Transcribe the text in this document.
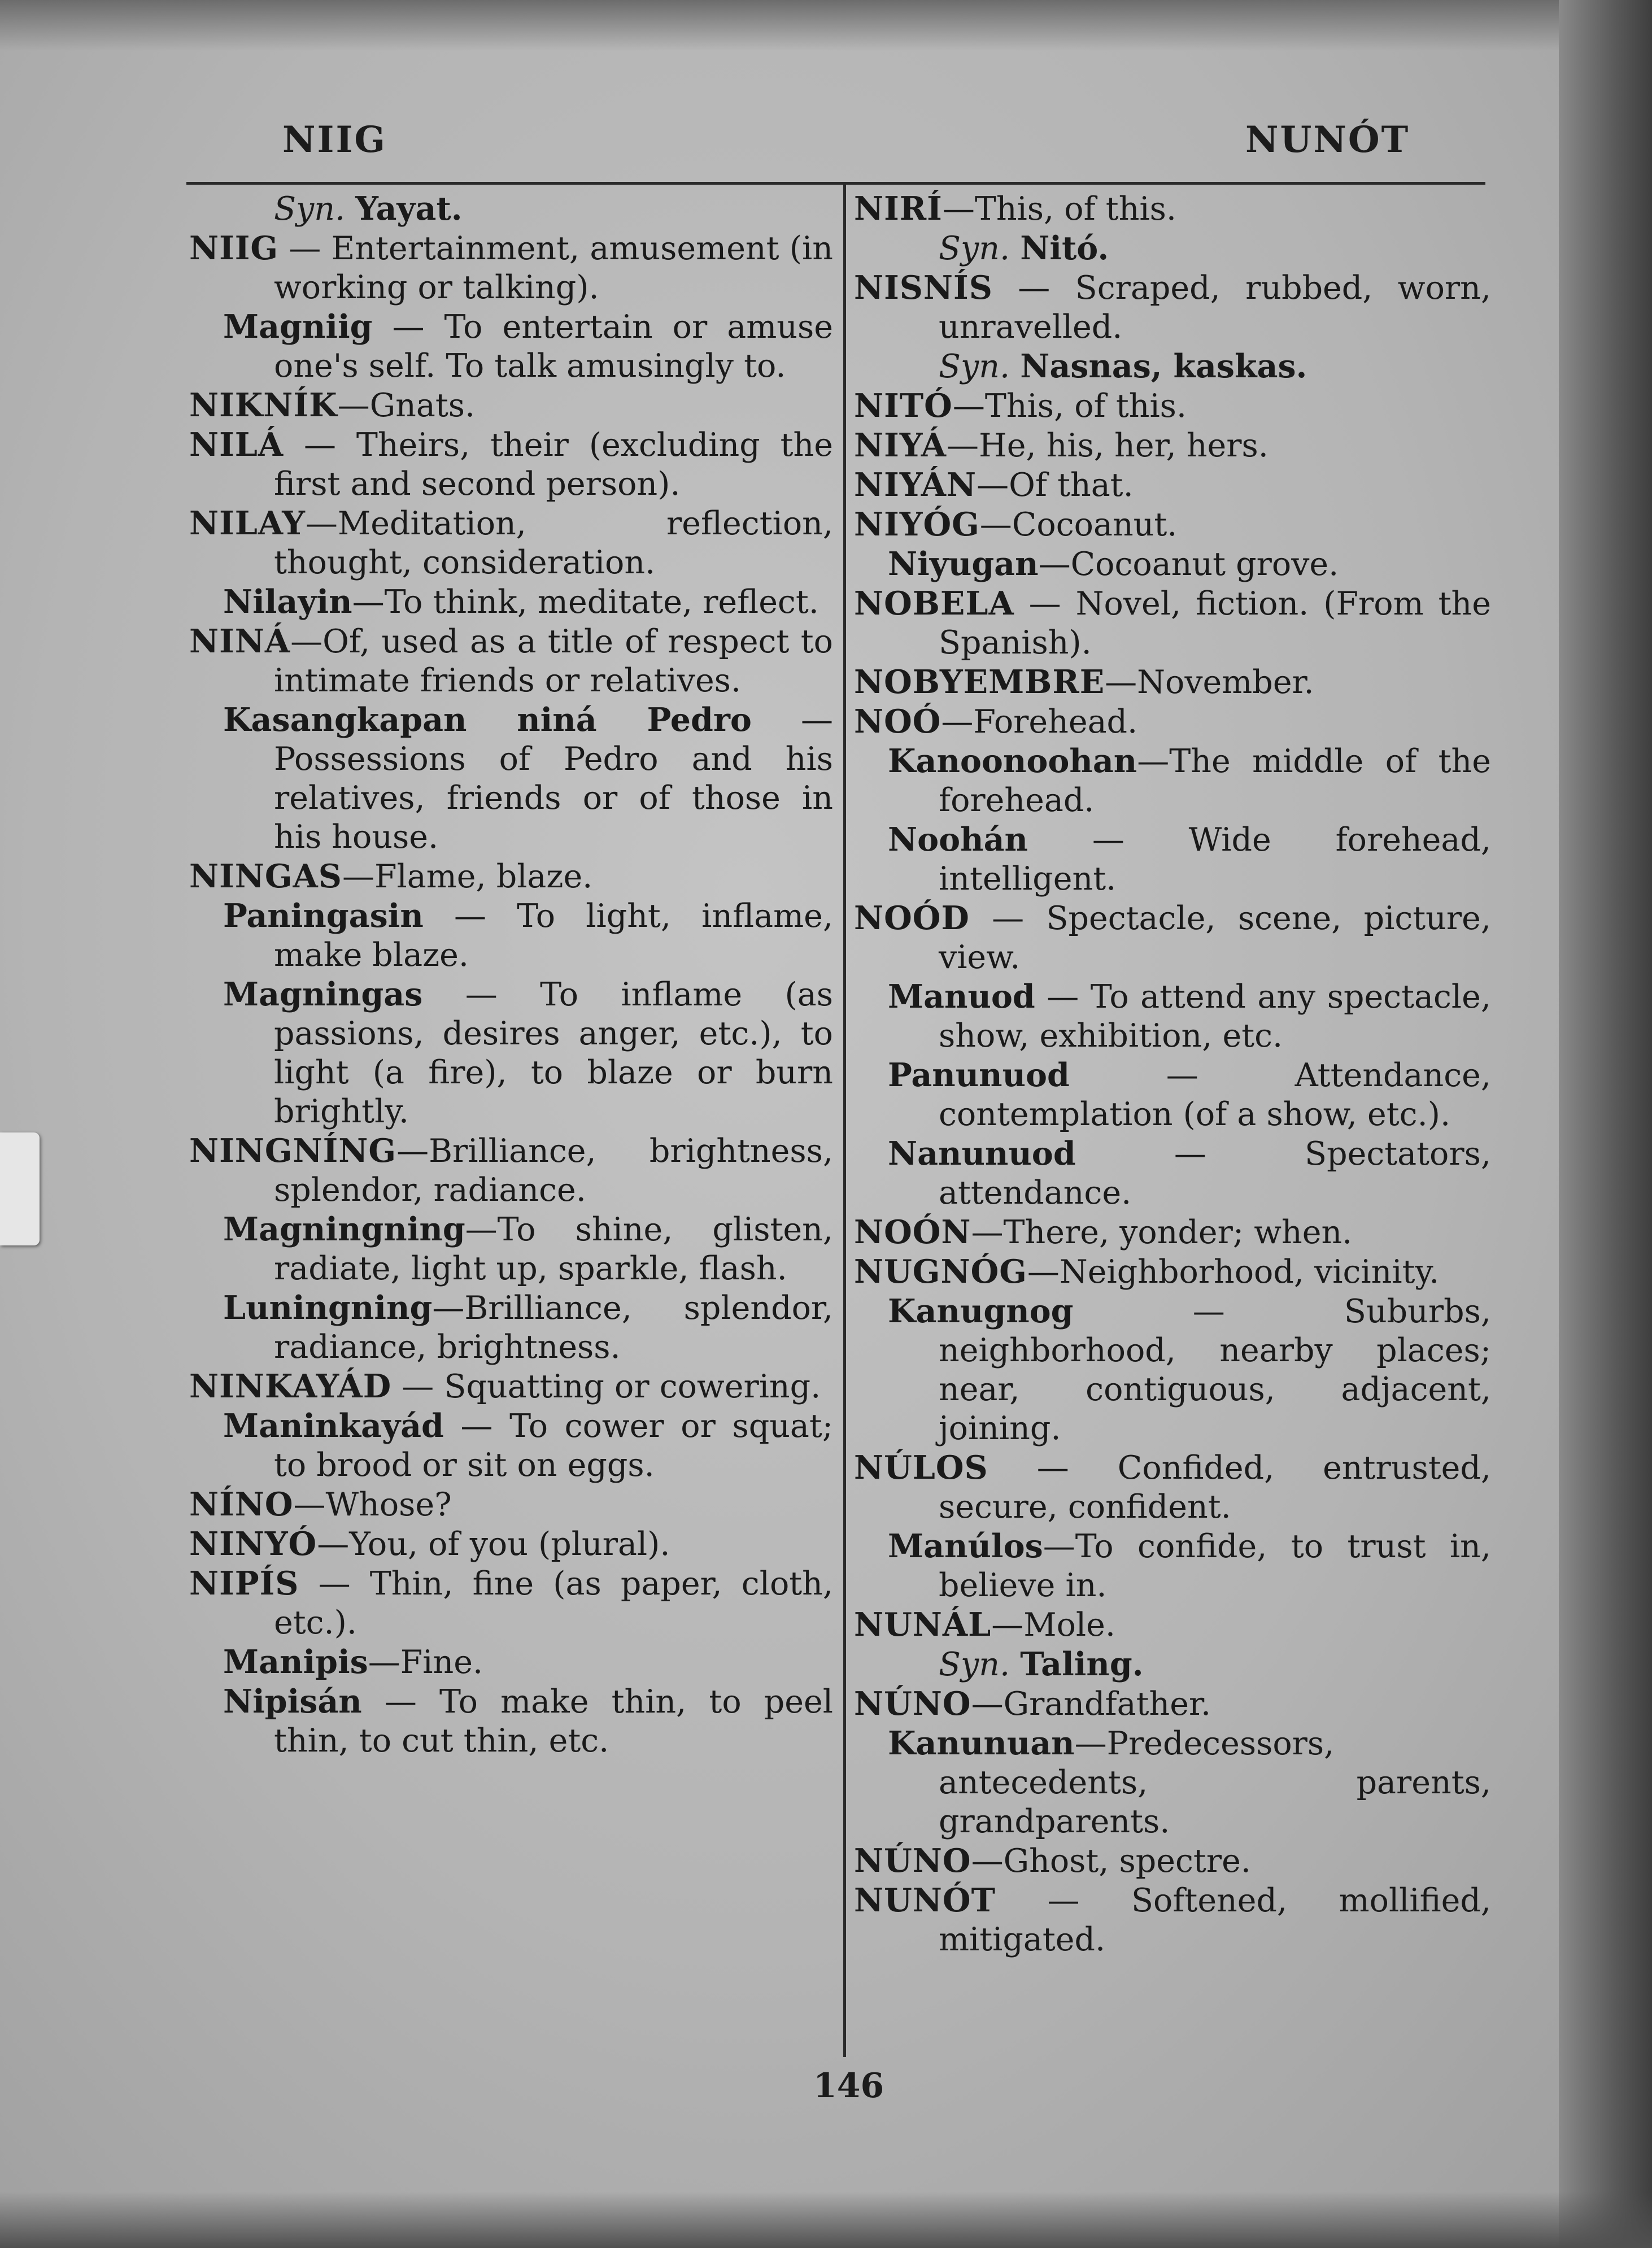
NIIG	NUNÓT

Syn. Yayat.

NIIG — Entertainment, amusement (in working or talking).

Magniig — To entertain or amuse one's self. To talk amusingly to.

NIKNÍK—Gnats.

NILÁ — Theirs, their (excluding the first and second person).

NILAY—Meditation, reflection, thought, consideration.

Nilayin—To think, meditate, reflect.

NINÁ—Of, used as a title of respect to intimate friends or relatives.

Kasangkapan niná Pedro — Possessions of Pedro and his relatives, friends or of those in his house.

NINGAS—Flame, blaze.

Paningasin — To light, inflame, make blaze.

Magningas — To inflame (as passions, desires anger, etc.), to light (a fire), to blaze or burn brightly.

NINGNÍNG—Brilliance, brightness, splendor, radiance.

Magningning—To shine, glisten, radiate, light up, sparkle, flash.

Luningning—Brilliance, splendor, radiance, brightness.

NINKAYÁD — Squatting or cowering.

Maninkayád — To cower or squat; to brood or sit on eggs.

NÍNO—Whose?

NINYÓ—You, of you (plural).

NIPÍS — Thin, fine (as paper, cloth, etc.).

Manipis—Fine.

Nipisán — To make thin, to peel thin, to cut thin, etc.

NIRÍ—This, of this.

Syn. Nitó.

NISNÍS — Scraped, rubbed, worn, unravelled.

Syn. Nasnas, kaskas.

NITÓ—This, of this.

NIYÁ—He, his, her, hers.

NIYÁN—Of that.

NIYÓG—Cocoanut.

Niyugan—Cocoanut grove.

NOBELA — Novel, fiction. (From the Spanish).

NOBYEMBRE—November.

NOÓ—Forehead.

Kanoonoohan—The middle of the forehead.

Noohán — Wide forehead, intelligent.

NOÓD — Spectacle, scene, picture, view.

Manuod — To attend any spectacle, show, exhibition, etc.

Panunuod — Attendance, contemplation (of a show, etc.).

Nanunuod — Spectators, attendance.

NOÓN—There, yonder; when.

NUGNÓG—Neighborhood, vicinity.

Kanugnog — Suburbs, neighborhood, nearby places; near, contiguous, adjacent, joining.

NÚLOS — Confided, entrusted, secure, confident.

Manúlos—To confide, to trust in, believe in.

NUNÁL—Mole.

Syn. Taling.

NÚNO—Grandfather.

Kanunuan—Predecessors, antecedents, parents, grandparents.

NÚNO—Ghost, spectre.

NUNÓT — Softened, mollified, mitigated.

146
